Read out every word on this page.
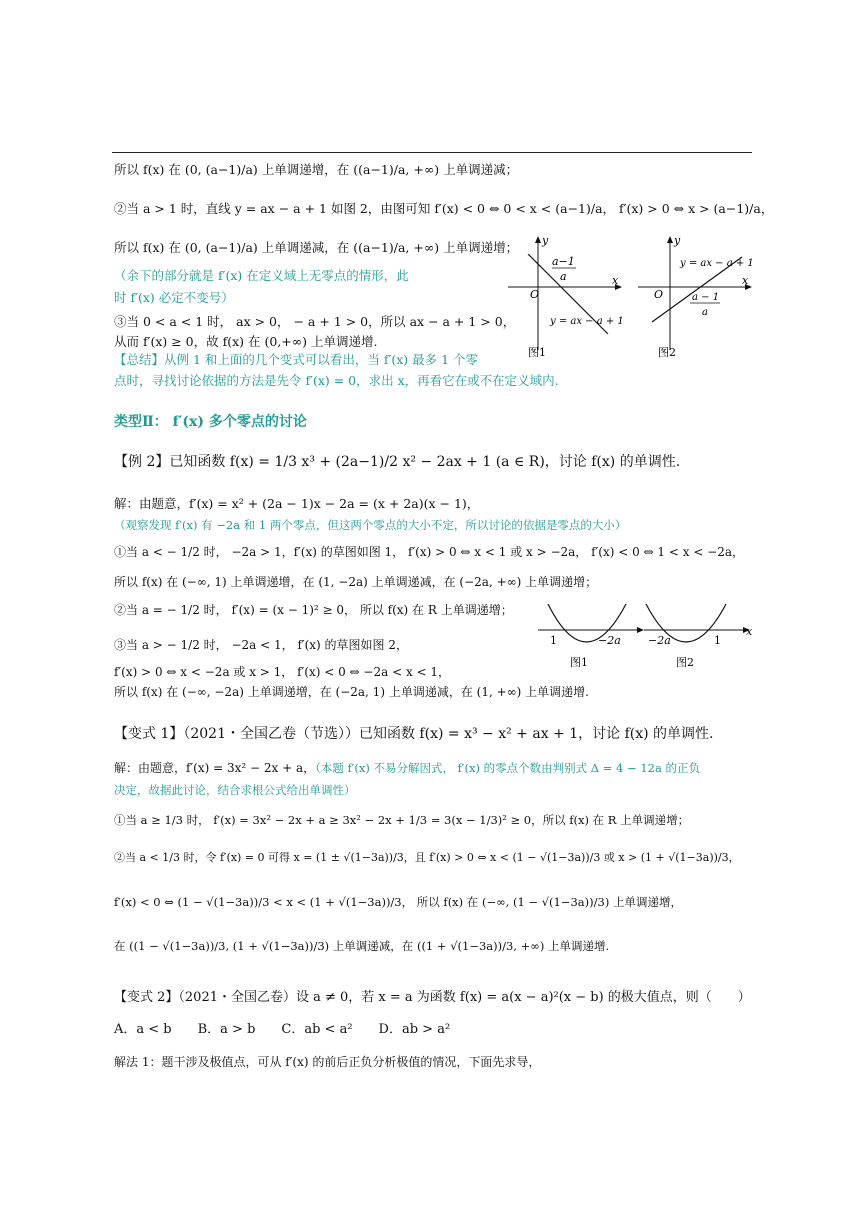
所以 f(x) 在 (0, (a−1)/a) 上单调递增，在 ((a−1)/a, +∞) 上单调递减；
②当 a > 1 时，直线 y = ax − a + 1 如图 2，由图可知 f′(x) < 0 ⇔ 0 < x < (a−1)/a， f′(x) > 0 ⇔ x > (a−1)/a，
所以 f(x) 在 (0, (a−1)/a) 上单调递减，在 ((a−1)/a, +∞) 上单调递增；
（余下的部分就是 f′(x) 在定义域上无零点的情形，此
时 f′(x) 必定不变号）
③当 0 < a < 1 时， ax > 0， − a + 1 > 0，所以 ax − a + 1 > 0，
从而 f′(x) ≥ 0，故 f(x) 在 (0,+∞) 上单调递增.
【总结】从例 1 和上面的几个变式可以看出，当 f′(x) 最多 1 个零
点时，寻找讨论依据的方法是先令 f′(x) = 0，求出 x，再看它在或不在定义域内.
O
y
x
a−1
a
y = ax − a + 1
图1
O
y
x
y = ax − a + 1
a − 1
a
图2
类型Ⅱ： f′(x) 多个零点的讨论
【例 2】已知函数 f(x) = 1/3 x³ + (2a−1)/2 x² − 2ax + 1 (a ∈ R)，讨论 f(x) 的单调性.
解：由题意，f′(x) = x² + (2a − 1)x − 2a = (x + 2a)(x − 1)，
（观察发现 f′(x) 有 −2a 和 1 两个零点，但这两个零点的大小不定，所以讨论的依据是零点的大小）
①当 a < − 1/2 时， −2a > 1，f′(x) 的草图如图 1， f′(x) > 0 ⇔ x < 1 或 x > −2a， f′(x) < 0 ⇔ 1 < x < −2a，
所以 f(x) 在 (−∞, 1) 上单调递增，在 (1, −2a) 上单调递减，在 (−2a, +∞) 上单调递增；
②当 a = − 1/2 时， f′(x) = (x − 1)² ≥ 0， 所以 f(x) 在 R 上单调递增；
③当 a > − 1/2 时， −2a < 1， f′(x) 的草图如图 2，
f′(x) > 0 ⇔ x < −2a 或 x > 1， f′(x) < 0 ⇔ −2a < x < 1，
所以 f(x) 在 (−∞, −2a) 上单调递增，在 (−2a, 1) 上单调递减，在 (1, +∞) 上单调递增.
1	−2a
图1
x
−2a	1
图2
【变式 1】（2021・全国乙卷（节选））已知函数 f(x) = x³ − x² + ax + 1，讨论 f(x) 的单调性.
解：由题意，f′(x) = 3x² − 2x + a，（本题 f′(x) 不易分解因式， f′(x) 的零点个数由判别式 Δ = 4 − 12a 的正负
决定，故据此讨论，结合求根公式给出单调性）
①当 a ≥ 1/3 时， f′(x) = 3x² − 2x + a ≥ 3x² − 2x + 1/3 = 3(x − 1/3)² ≥ 0，所以 f(x) 在 R 上单调递增；
②当 a < 1/3 时，令 f′(x) = 0 可得 x = (1 ± √(1−3a))/3，且 f′(x) > 0 ⇔ x < (1 − √(1−3a))/3 或 x > (1 + √(1−3a))/3，
f′(x) < 0 ⇔ (1 − √(1−3a))/3 < x < (1 + √(1−3a))/3， 所以 f(x) 在 (−∞, (1 − √(1−3a))/3) 上单调递增，
在 ((1 − √(1−3a))/3, (1 + √(1−3a))/3) 上单调递减，在 ((1 + √(1−3a))/3, +∞) 上单调递增.
【变式 2】（2021・全国乙卷）设 a ≠ 0，若 x = a 为函数 f(x) = a(x − a)²(x − b) 的极大值点，则（　　）
A．a < b　　B．a > b　　C．ab < a²　　D．ab > a²
解法 1：题干涉及极值点，可从 f′(x) 的前后正负分析极值的情况，下面先求导，
